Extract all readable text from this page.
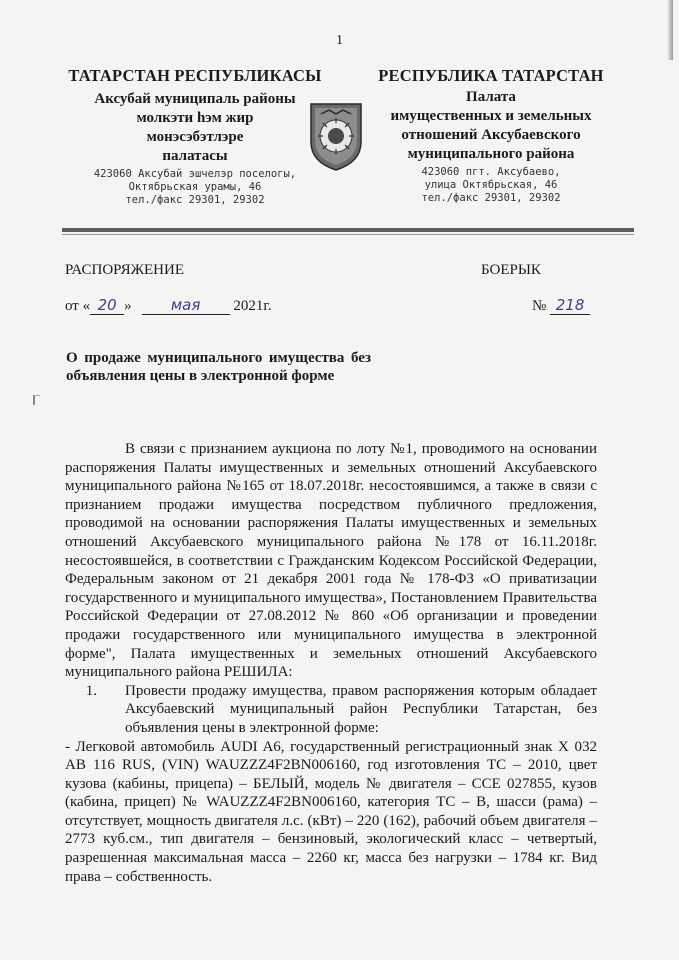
1
ТАТАРСТАН РЕСПУБЛИКАСЫ
Аксубай муниципаль районы
молкэти hэм жир
монэсэбэтлэре
палатасы
423060 Аксубай эшчелэр поселогы,
Октябрьская урамы, 46
тел./факс 29301, 29302
РЕСПУБЛИКА ТАТАРСТАН
Палата
имущественных и земельных
отношений Аксубаевского
муниципального района
423060 пгт. Аксубаево,
улица Октябрьская, 46
тел./факс 29301, 29302
РАСПОРЯЖЕНИЕ	БОЕРЫК
от « 20 »	мая 2021г.	№ 218
О продаже муниципального имущества без объявления цены в электронной форме

В связи с признанием аукциона по лоту №1, проводимого на основании распоряжения Палаты имущественных и земельных отношений Аксубаевского муниципального района №165 от 18.07.2018г. несостоявшимся, а также в связи с признанием продажи имущества посредством публичного предложения, проводимой на основании распоряжения Палаты имущественных и земельных отношений Аксубаевского муниципального района №178 от 16.11.2018г. несостоявшейся, в соответствии с Гражданским Кодексом Российской Федерации, Федеральным законом от 21 декабря 2001 года № 178-ФЗ «О приватизации государственного и муниципального имущества», Постановлением Правительства Российской Федерации от 27.08.2012 № 860 «Об организации и проведении продажи государственного или муниципального имущества в электронной форме", Палата имущественных и земельных отношений Аксубаевского муниципального района РЕШИЛА:

1.	Провести продажу имущества, правом распоряжения которым обладает Аксубаевский муниципальный район Республики Татарстан, без объявления цены в электронной форме:

- Легковой автомобиль AUDI A6, государственный регистрационный знак Х 032 АВ 116 RUS, (VIN) WAUZZZ4F2BN006160, год изготовления ТС – 2010, цвет кузова (кабины, прицепа) – БЕЛЫЙ, модель № двигателя – CCE 027855, кузов (кабина, прицеп) № WAUZZZ4F2BN006160, категория ТС – В, шасси (рама) – отсутствует, мощность двигателя л.с. (кВт) – 220 (162), рабочий объем двигателя – 2773 куб.см., тип двигателя – бензиновый, экологический класс – четвертый, разрешенная максимальная масса – 2260 кг, масса без нагрузки – 1784 кг. Вид права – собственность.
